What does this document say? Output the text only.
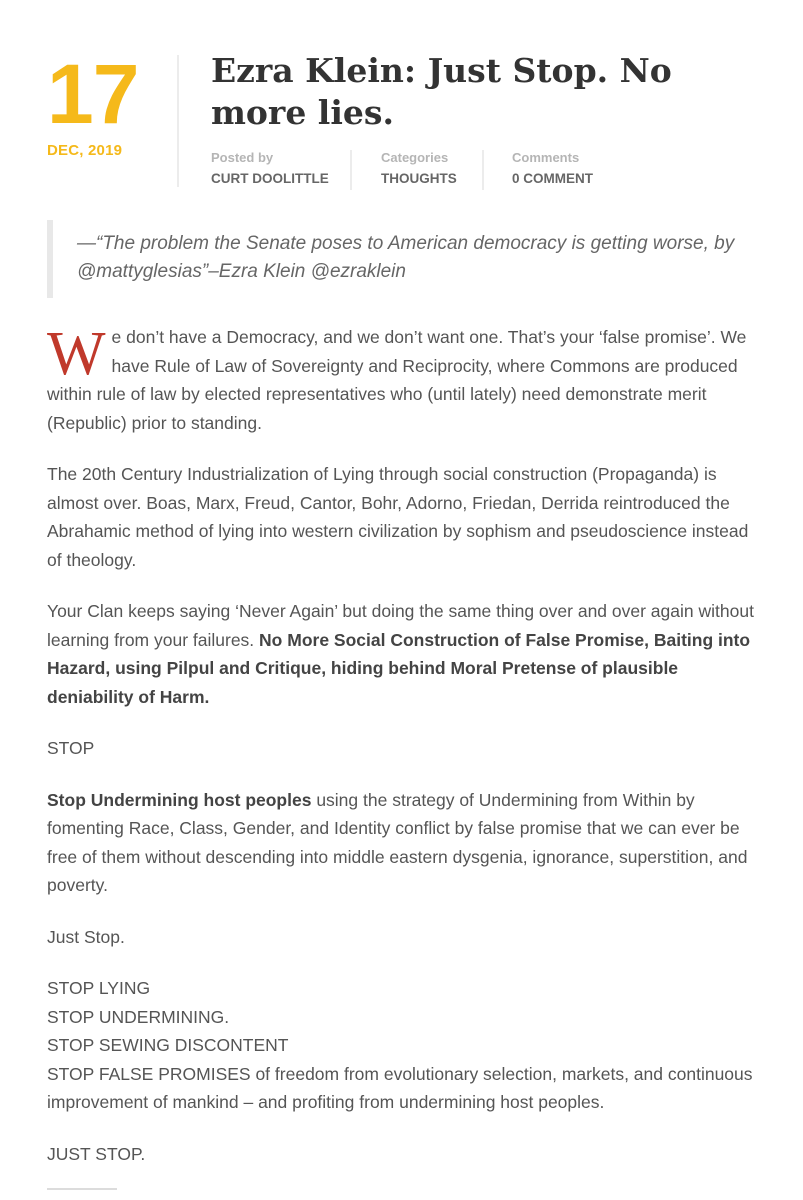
17
DEC, 2019
Ezra Klein: Just Stop. No more lies.
Posted by
CURT DOOLITTLE
Categories
THOUGHTS
Comments
0 COMMENT
—“The problem the Senate poses to American democracy is getting worse, by @mattyglesias”–Ezra Klein @ezraklein

We don’t have a Democracy, and we don’t want one. That’s your ‘false promise’. We have Rule of Law of Sovereignty and Reciprocity, where Commons are produced within rule of law by elected representatives who (until lately) need demonstrate merit (Republic) prior to standing.

The 20th Century Industrialization of Lying through social construction (Propaganda) is almost over. Boas, Marx, Freud, Cantor, Bohr, Adorno, Friedan, Derrida reintroduced the Abrahamic method of lying into western civilization by sophism and pseudoscience instead of theology.

Your Clan keeps saying ‘Never Again’ but doing the same thing over and over again without learning from your failures. No More Social Construction of False Promise, Baiting into Hazard, using Pilpul and Critique, hiding behind Moral Pretense of plausible deniability of Harm.

STOP

Stop Undermining host peoples using the strategy of Undermining from Within by fomenting Race, Class, Gender, and Identity conflict by false promise that we can ever be free of them without descending into middle eastern dysgenia, ignorance, superstition, and poverty.

Just Stop.

STOP LYING
STOP UNDERMINING.
STOP SEWING DISCONTENT
STOP FALSE PROMISES of freedom from evolutionary selection, markets, and continuous improvement of mankind – and profiting from undermining host peoples.

JUST STOP.
